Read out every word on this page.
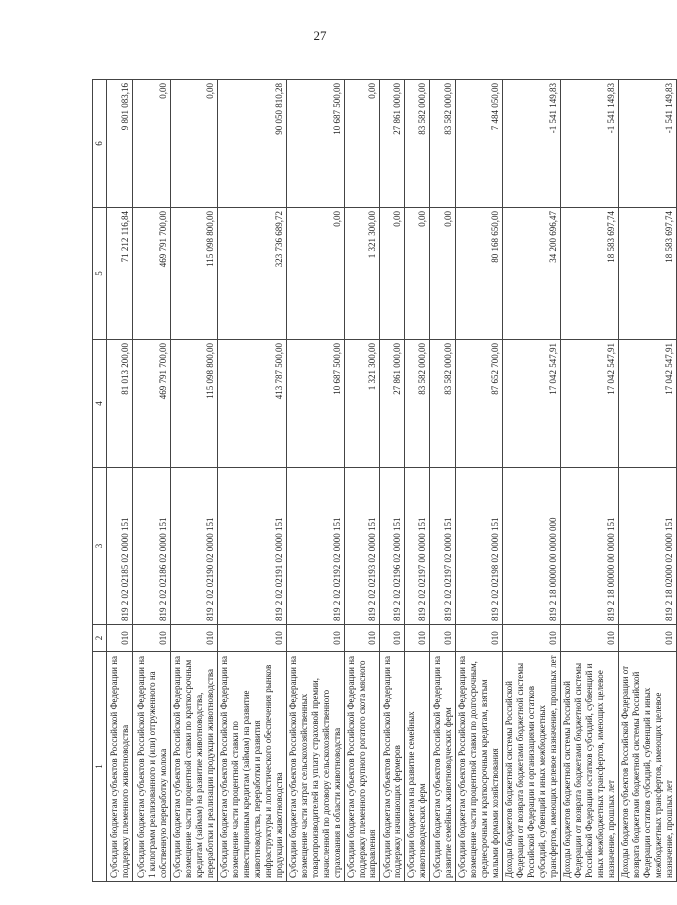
27
1	2	3	4	5	6
Субсидии бюджетам субъектов Российской Федерации на поддержку племенного животноводства	010	819 2 02 02185 02 0000 151	81 013 200,00	71 212 116,84	9 801 083,16
Субсидии бюджетам субъектов Российской Федерации на 1 килограмм реализованного и (или) отгруженного на собственную переработку молока	010	819 2 02 02186 02 0000 151	469 791 700,00	469 791 700,00	0,00
Субсидии бюджетам субъектов Российской Федерации на возмещение части процентной ставки по краткосрочным кредитам (займам) на развитие животноводства, переработки и реализации продукции животноводства	010	819 2 02 02190 02 0000 151	115 098 800,00	115 098 800,00	0,00
Субсидии бюджетам субъектов Российской Федерации на возмещение части процентной ставки по инвестиционным кредитам (займам) на развитие животноводства, переработки и развития инфраструктуры и логистического обеспечения рынков продукции животноводства	010	819 2 02 02191 02 0000 151	413 787 500,00	323 736 689,72	90 050 810,28
Субсидии бюджетам субъектов Российской Федерации на возмещение части затрат сельскохозяйственных товаропроизводителей на уплату страховой премии, начисленной по договору сельскохозяйственного страхования в области животноводства	010	819 2 02 02192 02 0000 151	10 687 500,00	0,00	10 687 500,00
Субсидии бюджетам субъектов Российской Федерации на поддержку племенного крупного рогатого скота мясного направления	010	819 2 02 02193 02 0000 151	1 321 300,00	1 321 300,00	0,00
Субсидии бюджетам субъектов Российской Федерации на поддержку начинающих фермеров	010	819 2 02 02196 02 0000 151	27 861 000,00	0,00	27 861 000,00
Субсидии бюджетам на развитие семейных животноводческих ферм	010	819 2 02 02197 00 0000 151	83 582 000,00	0,00	83 582 000,00
Субсидии бюджетам субъектов Российской Федерации на развитие семейных животноводческих ферм	010	819 2 02 02197 02 0000 151	83 582 000,00	0,00	83 582 000,00
Субсидии бюджетам субъектов Российской Федерации на возмещение части процентной ставки по долгосрочным, среднесрочным и краткосрочным кредитам, взятым малыми формами хозяйствования	010	819 2 02 02198 02 0000 151	87 652 700,00	80 168 650,00	7 484 050,00
Доходы бюджетов бюджетной системы Российской Федерации от возврата бюджетами бюджетной системы Российской Федерации и организациями остатков субсидий, субвенций и иных межбюджетных трансфертов, имеющих целевое назначение, прошлых лет	010	819 2 18 00000 00 0000 000	17 042 547,91	34 200 696,47	-1 541 149,83
Доходы бюджетов бюджетной системы Российской Федерации от возврата бюджетами бюджетной системы Российской Федерации остатков субсидий, субвенций и иных межбюджетных трансфертов, имеющих целевое назначение, прошлых лет	010	819 2 18 00000 00 0000 151	17 042 547,91	18 583 697,74	-1 541 149,83
Доходы бюджетов субъектов Российской Федерации от возврата бюджетами бюджетной системы Российской Федерации остатков субсидий, субвенций и иных межбюджетных трансфертов, имеющих целевое назначение, прошлых лет	010	819 2 18 02000 02 0000 151	17 042 547,91	18 583 697,74	-1 541 149,83
